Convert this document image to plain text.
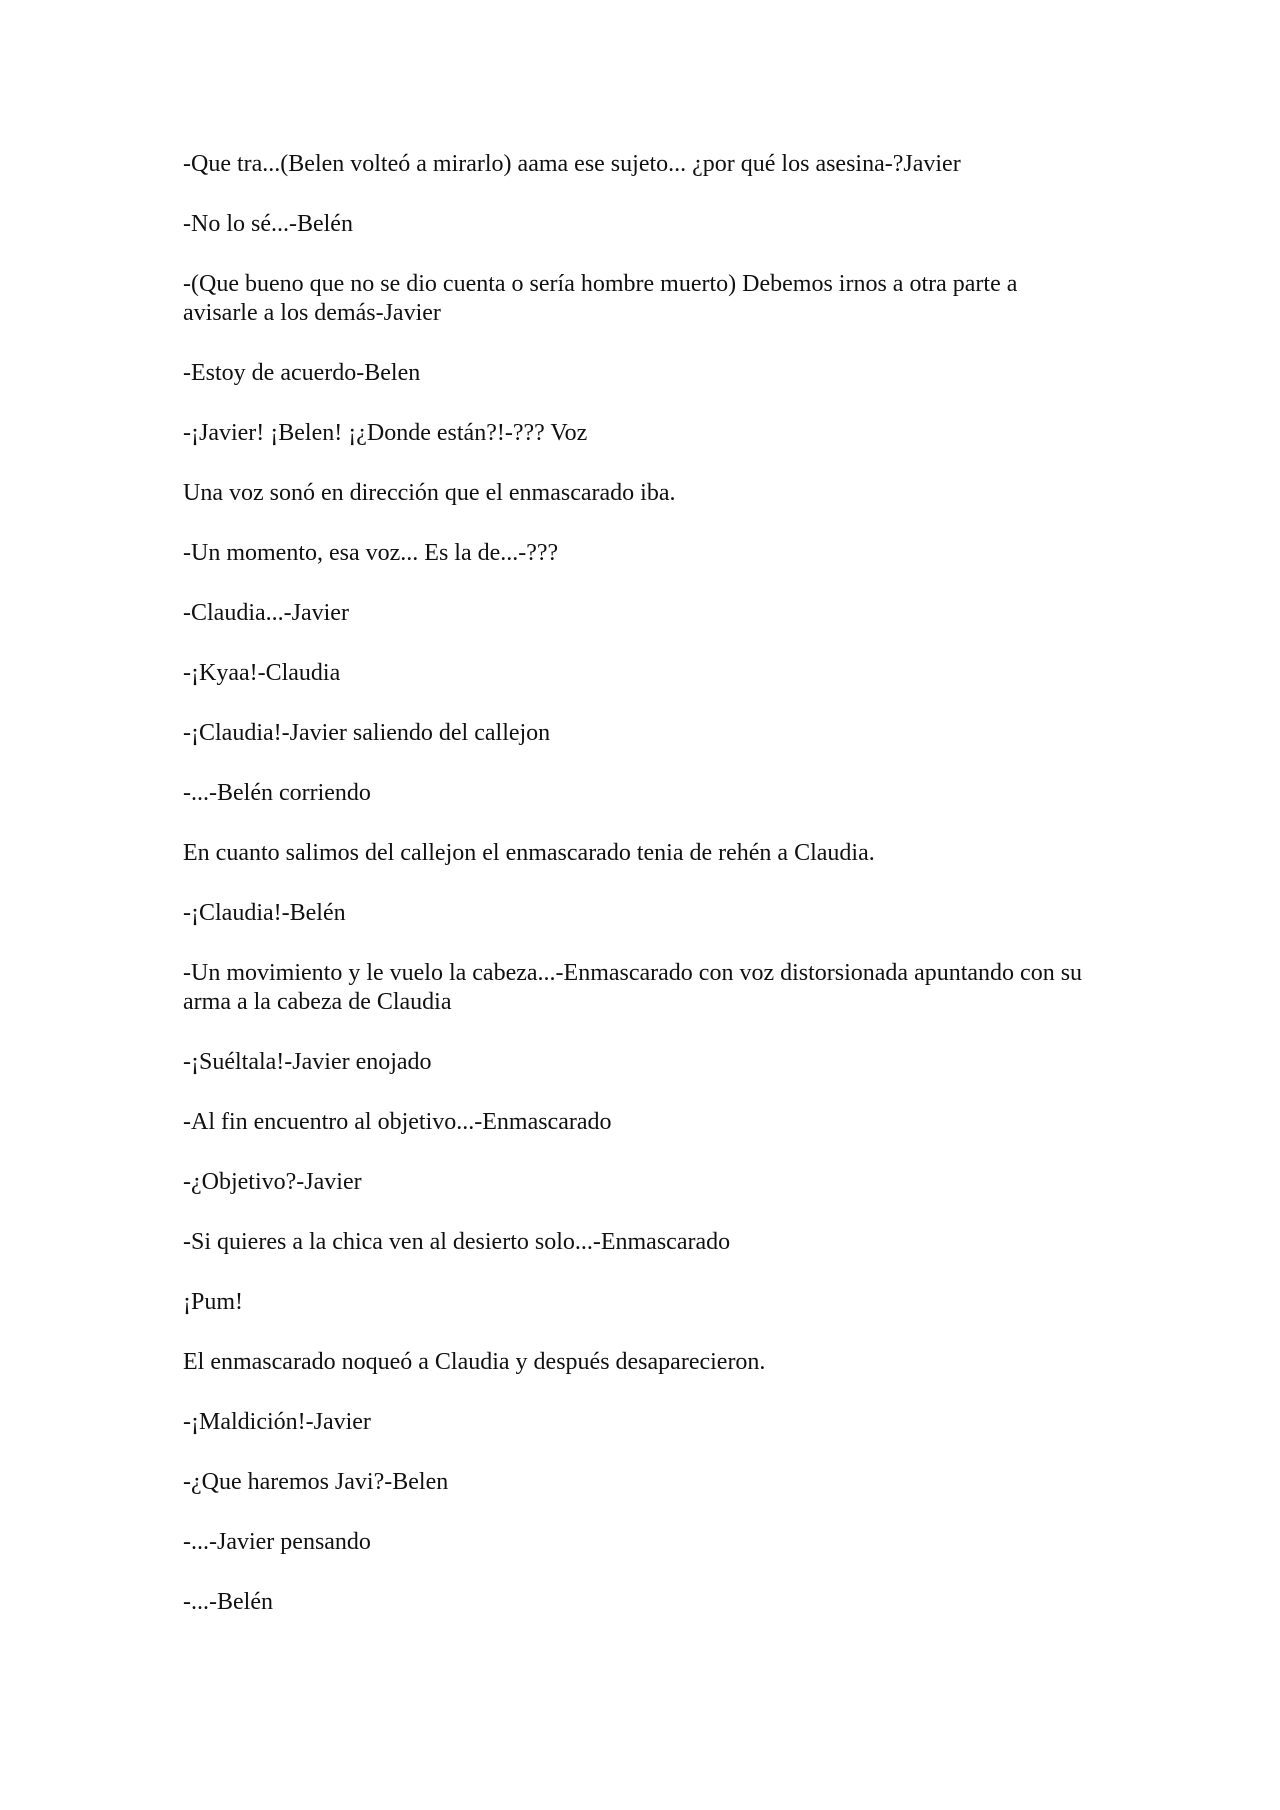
-Que tra...(Belen volteó a mirarlo) aama ese sujeto... ¿por qué los asesina-?Javier

-No lo sé...-Belén

-(Que bueno que no se dio cuenta o sería hombre muerto) Debemos irnos a otra parte a avisarle a los demás-Javier

-Estoy de acuerdo-Belen

-¡Javier! ¡Belen! ¡¿Donde están?!-??? Voz

Una voz sonó en dirección que el enmascarado iba.

-Un momento, esa voz... Es la de...-???

-Claudia...-Javier

-¡Kyaa!-Claudia

-¡Claudia!-Javier saliendo del callejon

-...-Belén corriendo

En cuanto salimos del callejon el enmascarado tenia de rehén a Claudia.

-¡Claudia!-Belén

-Un movimiento y le vuelo la cabeza...-Enmascarado con voz distorsionada apuntando con su arma a la cabeza de Claudia

-¡Suéltala!-Javier enojado

-Al fin encuentro al objetivo...-Enmascarado

-¿Objetivo?-Javier

-Si quieres a la chica ven al desierto solo...-Enmascarado

¡Pum!

El enmascarado noqueó a Claudia y después desaparecieron.

-¡Maldición!-Javier

-¿Que haremos Javi?-Belen

-...-Javier pensando

-...-Belén
